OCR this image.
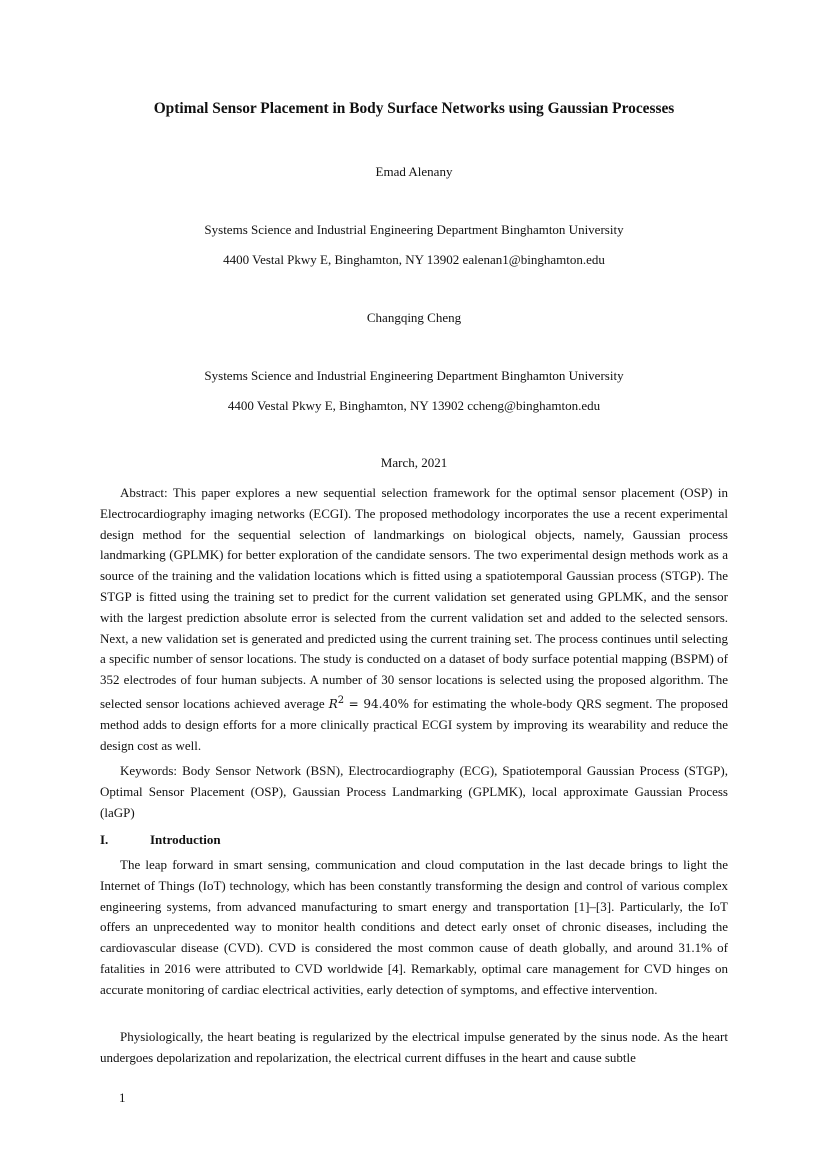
Optimal Sensor Placement in Body Surface Networks using Gaussian Processes
Emad Alenany
Systems Science and Industrial Engineering Department Binghamton University
4400 Vestal Pkwy E, Binghamton, NY 13902 ealenan1@binghamton.edu
Changqing Cheng
Systems Science and Industrial Engineering Department Binghamton University
4400 Vestal Pkwy E, Binghamton, NY 13902 ccheng@binghamton.edu
March, 2021

Abstract: This paper explores a new sequential selection framework for the optimal sensor placement (OSP) in Electrocardiography imaging networks (ECGI). The proposed methodology incorporates the use a recent experimental design method for the sequential selection of landmarkings on biological objects, namely, Gaussian process landmarking (GPLMK) for better exploration of the candidate sensors. The two experimental design methods work as a source of the training and the validation locations which is fitted using a spatiotemporal Gaussian process (STGP). The STGP is fitted using the training set to predict for the current validation set generated using GPLMK, and the sensor with the largest prediction absolute error is selected from the current validation set and added to the selected sensors. Next, a new validation set is generated and predicted using the current training set. The process continues until selecting a specific number of sensor locations. The study is conducted on a dataset of body surface potential mapping (BSPM) of 352 electrodes of four human subjects. A number of 30 sensor locations is selected using the proposed algorithm. The selected sensor locations achieved average $R^2 = 94.40\%$ for estimating the whole-body QRS segment. The proposed method adds to design efforts for a more clinically practical ECGI system by improving its wearability and reduce the design cost as well.

Keywords: Body Sensor Network (BSN), Electrocardiography (ECG), Spatiotemporal Gaussian Process (STGP), Optimal Sensor Placement (OSP), Gaussian Process Landmarking (GPLMK), local approximate Gaussian Process (laGP)

I.	Introduction

The leap forward in smart sensing, communication and cloud computation in the last decade brings to light the Internet of Things (IoT) technology, which has been constantly transforming the design and control of various complex engineering systems, from advanced manufacturing to smart energy and transportation [1]–[3]. Particularly, the IoT offers an unprecedented way to monitor health conditions and detect early onset of chronic diseases, including the cardiovascular disease (CVD). CVD is considered the most common cause of death globally, and around 31.1% of fatalities in 2016 were attributed to CVD worldwide [4]. Remarkably, optimal care management for CVD hinges on accurate monitoring of cardiac electrical activities, early detection of symptoms, and effective intervention.

Physiologically, the heart beating is regularized by the electrical impulse generated by the sinus node. As the heart undergoes depolarization and repolarization, the electrical current diffuses in the heart and cause subtle

1
